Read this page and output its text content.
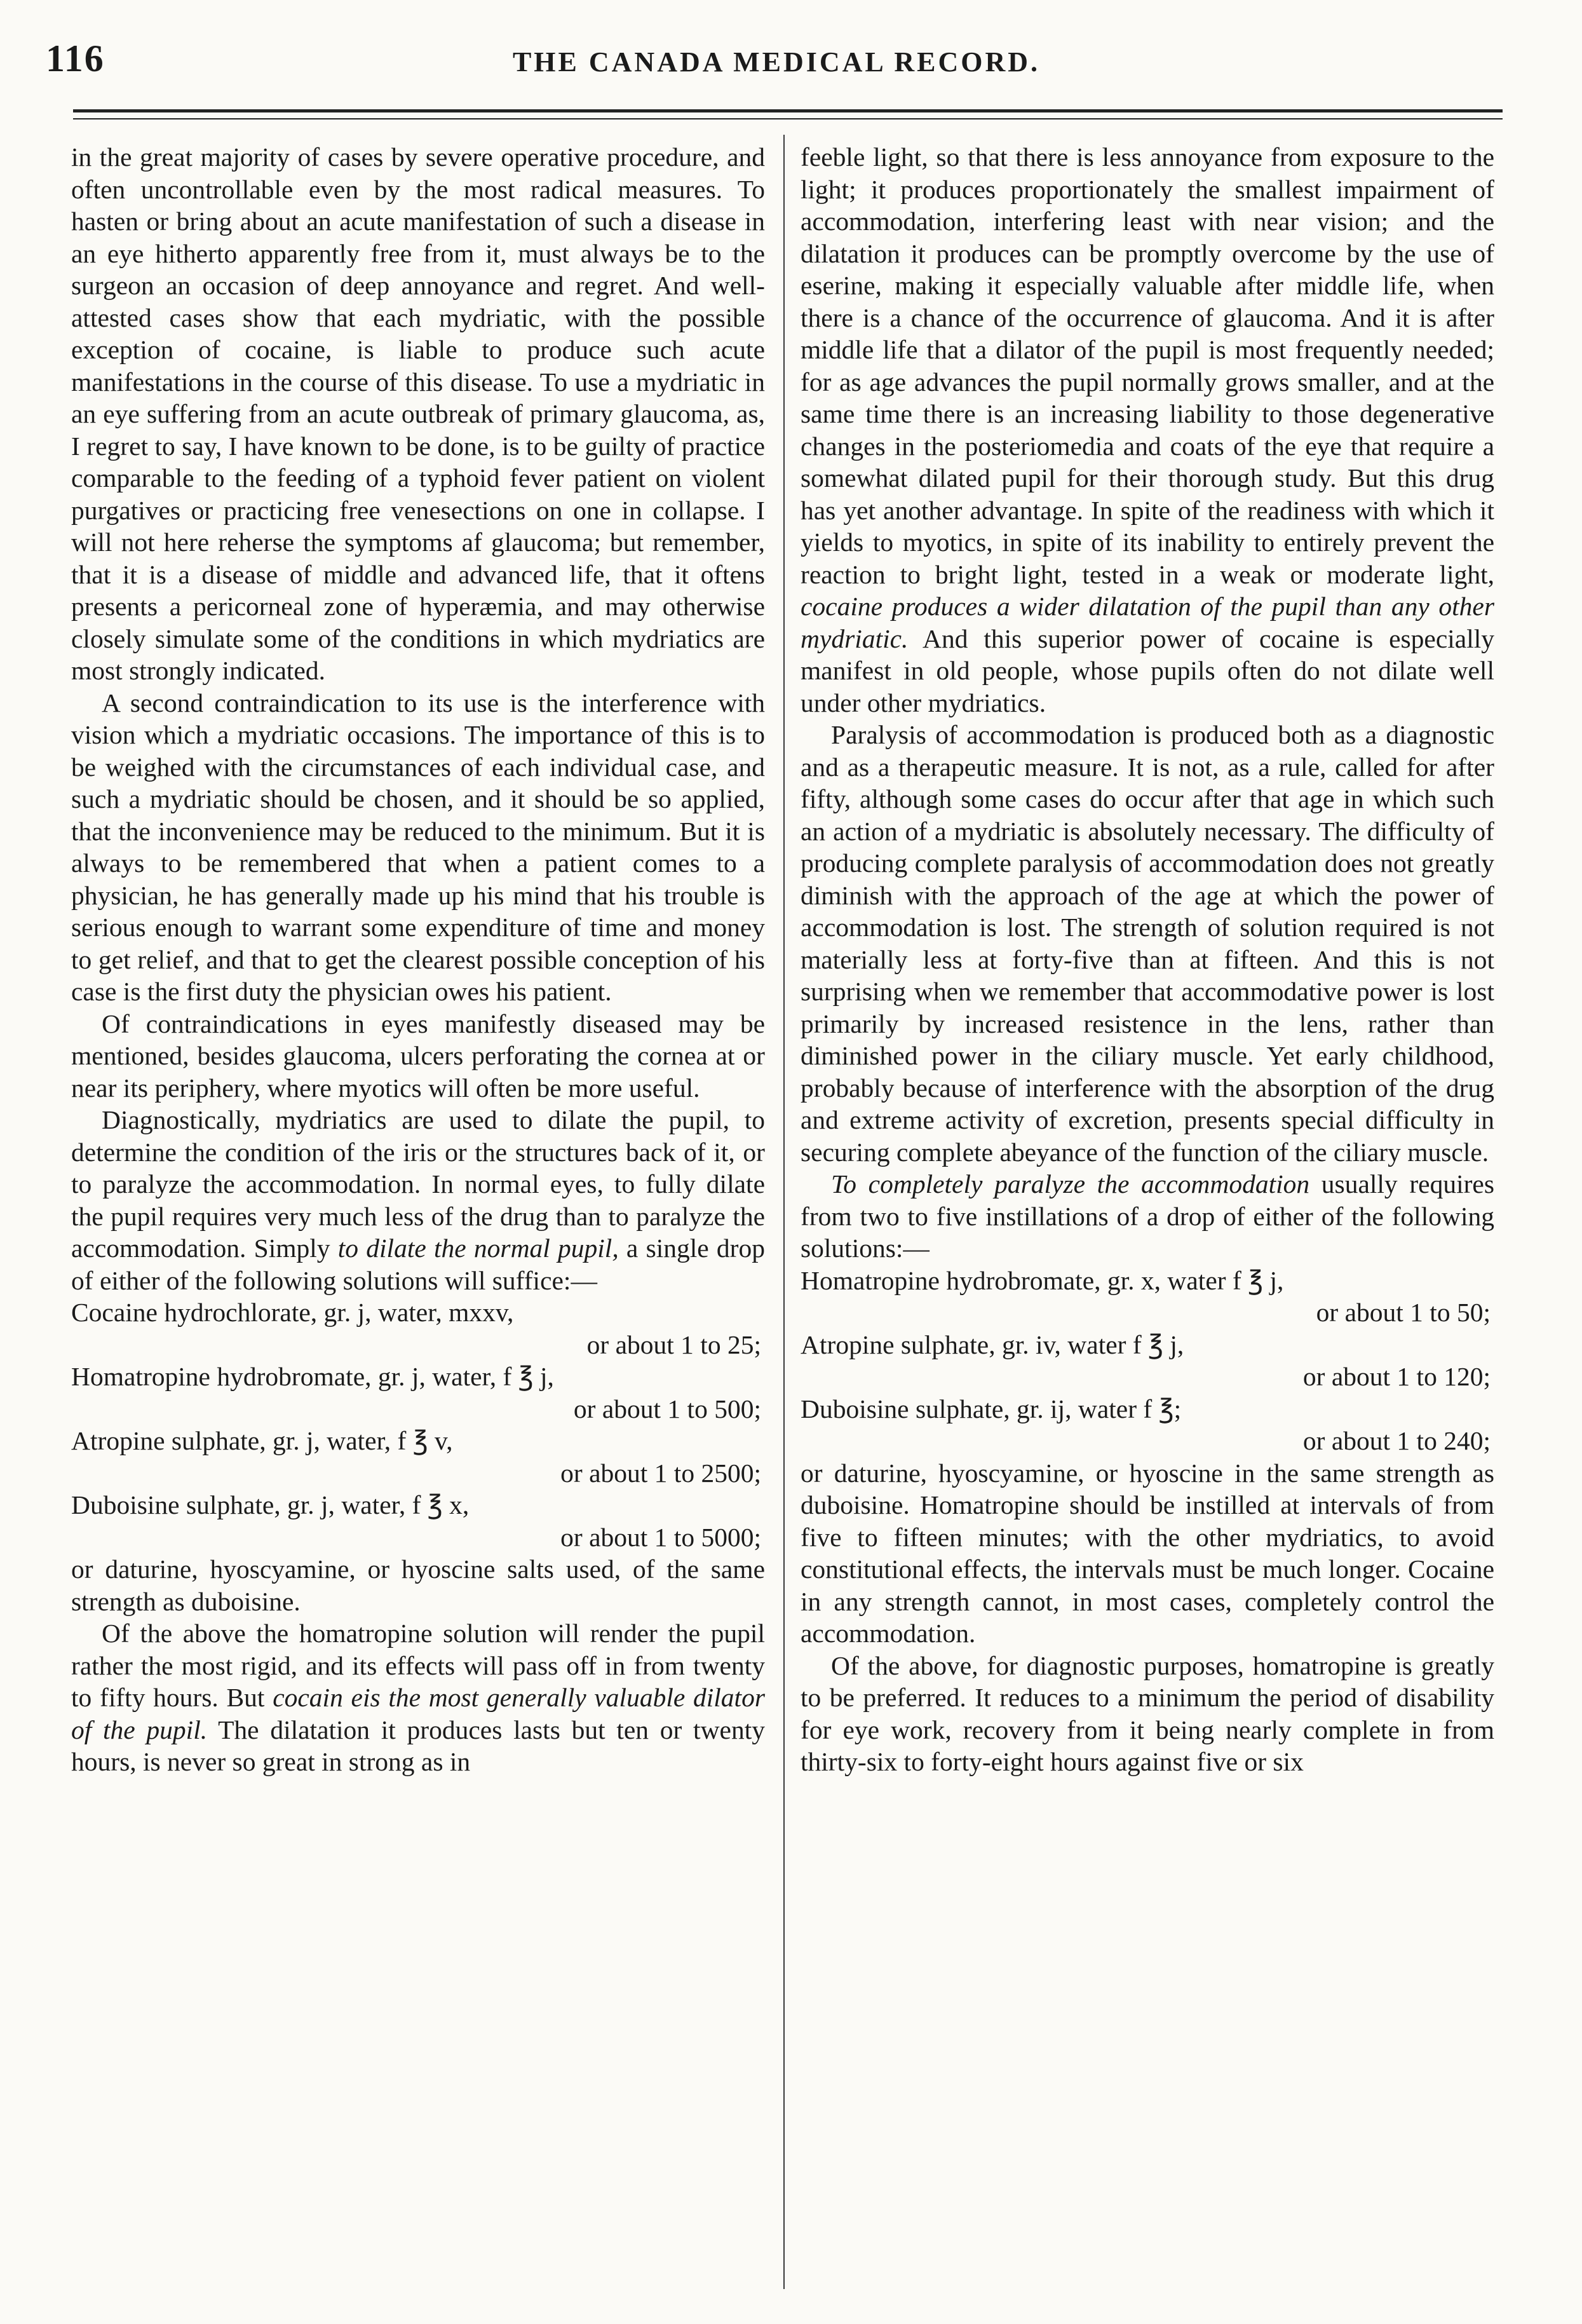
116	THE CANADA MEDICAL RECORD.

in the great majority of cases by severe operative procedure, and often uncontrollable even by the most radical measures. To hasten or bring about an acute manifestation of such a disease in an eye hitherto apparently free from it, must always be to the surgeon an occasion of deep annoyance and regret. And well-attested cases show that each mydriatic, with the possible exception of cocaine, is liable to produce such acute manifestations in the course of this disease. To use a mydriatic in an eye suffering from an acute outbreak of primary glaucoma, as, I regret to say, I have known to be done, is to be guilty of practice comparable to the feeding of a typhoid fever patient on violent purgatives or practicing free venesections on one in collapse. I will not here reherse the symptoms af glaucoma; but remember, that it is a disease of middle and advanced life, that it oftens presents a pericorneal zone of hyperæmia, and may otherwise closely simulate some of the conditions in which mydriatics are most strongly indicated.

A second contraindication to its use is the interference with vision which a mydriatic occasions. The importance of this is to be weighed with the circumstances of each individual case, and such a mydriatic should be chosen, and it should be so applied, that the inconvenience may be reduced to the minimum. But it is always to be remembered that when a patient comes to a physician, he has generally made up his mind that his trouble is serious enough to warrant some expenditure of time and money to get relief, and that to get the clearest possible conception of his case is the first duty the physician owes his patient.

Of contraindications in eyes manifestly diseased may be mentioned, besides glaucoma, ulcers perforating the cornea at or near its periphery, where myotics will often be more useful.

Diagnostically, mydriatics are used to dilate the pupil, to determine the condition of the iris or the structures back of it, or to paralyze the accommodation. In normal eyes, to fully dilate the pupil requires very much less of the drug than to paralyze the accommodation. Simply to dilate the normal pupil, a single drop of either of the following solutions will suffice:—

Cocaine hydrochlorate, gr. j, water, mxxv,
or about 1 to 25;
Homatropine hydrobromate, gr. j, water, f ℥ j,
or about 1 to 500;
Atropine sulphate, gr. j, water, f ℥ v,
or about 1 to 2500;
Duboisine sulphate, gr. j, water, f ℥ x,
or about 1 to 5000;

or daturine, hyoscyamine, or hyoscine salts used, of the same strength as duboisine.

Of the above the homatropine solution will render the pupil rather the most rigid, and its effects will pass off in from twenty to fifty hours. But cocain eis the most generally valuable dilator of the pupil. The dilatation it produces lasts but ten or twenty hours, is never so great in strong as in

feeble light, so that there is less annoyance from exposure to the light; it produces proportionately the smallest impairment of accommodation, interfering least with near vision; and the dilatation it produces can be promptly overcome by the use of eserine, making it especially valuable after middle life, when there is a chance of the occurrence of glaucoma. And it is after middle life that a dilator of the pupil is most frequently needed; for as age advances the pupil normally grows smaller, and at the same time there is an increasing liability to those degenerative changes in the posteriomedia and coats of the eye that require a somewhat dilated pupil for their thorough study. But this drug has yet another advantage. In spite of the readiness with which it yields to myotics, in spite of its inability to entirely prevent the reaction to bright light, tested in a weak or moderate light, cocaine produces a wider dilatation of the pupil than any other mydriatic. And this superior power of cocaine is especially manifest in old people, whose pupils often do not dilate well under other mydriatics.

Paralysis of accommodation is produced both as a diagnostic and as a therapeutic measure. It is not, as a rule, called for after fifty, although some cases do occur after that age in which such an action of a mydriatic is absolutely necessary. The difficulty of producing complete paralysis of accommodation does not greatly diminish with the approach of the age at which the power of accommodation is lost. The strength of solution required is not materially less at forty-five than at fifteen. And this is not surprising when we remember that accommodative power is lost primarily by increased resistence in the lens, rather than diminished power in the ciliary muscle. Yet early childhood, probably because of interference with the absorption of the drug and extreme activity of excretion, presents special difficulty in securing complete abeyance of the function of the ciliary muscle.

To completely paralyze the accommodation usually requires from two to five instillations of a drop of either of the following solutions:—

Homatropine hydrobromate, gr. x, water f ℥ j,
or about 1 to 50;
Atropine sulphate, gr. iv, water f ℥ j,
or about 1 to 120;
Duboisine sulphate, gr. ij, water f ℥;
or about 1 to 240;

or daturine, hyoscyamine, or hyoscine in the same strength as duboisine. Homatropine should be instilled at intervals of from five to fifteen minutes; with the other mydriatics, to avoid constitutional effects, the intervals must be much longer. Cocaine in any strength cannot, in most cases, completely control the accommodation.

Of the above, for diagnostic purposes, homatropine is greatly to be preferred. It reduces to a minimum the period of disability for eye work, recovery from it being nearly complete in from thirty-six to forty-eight hours against five or six
